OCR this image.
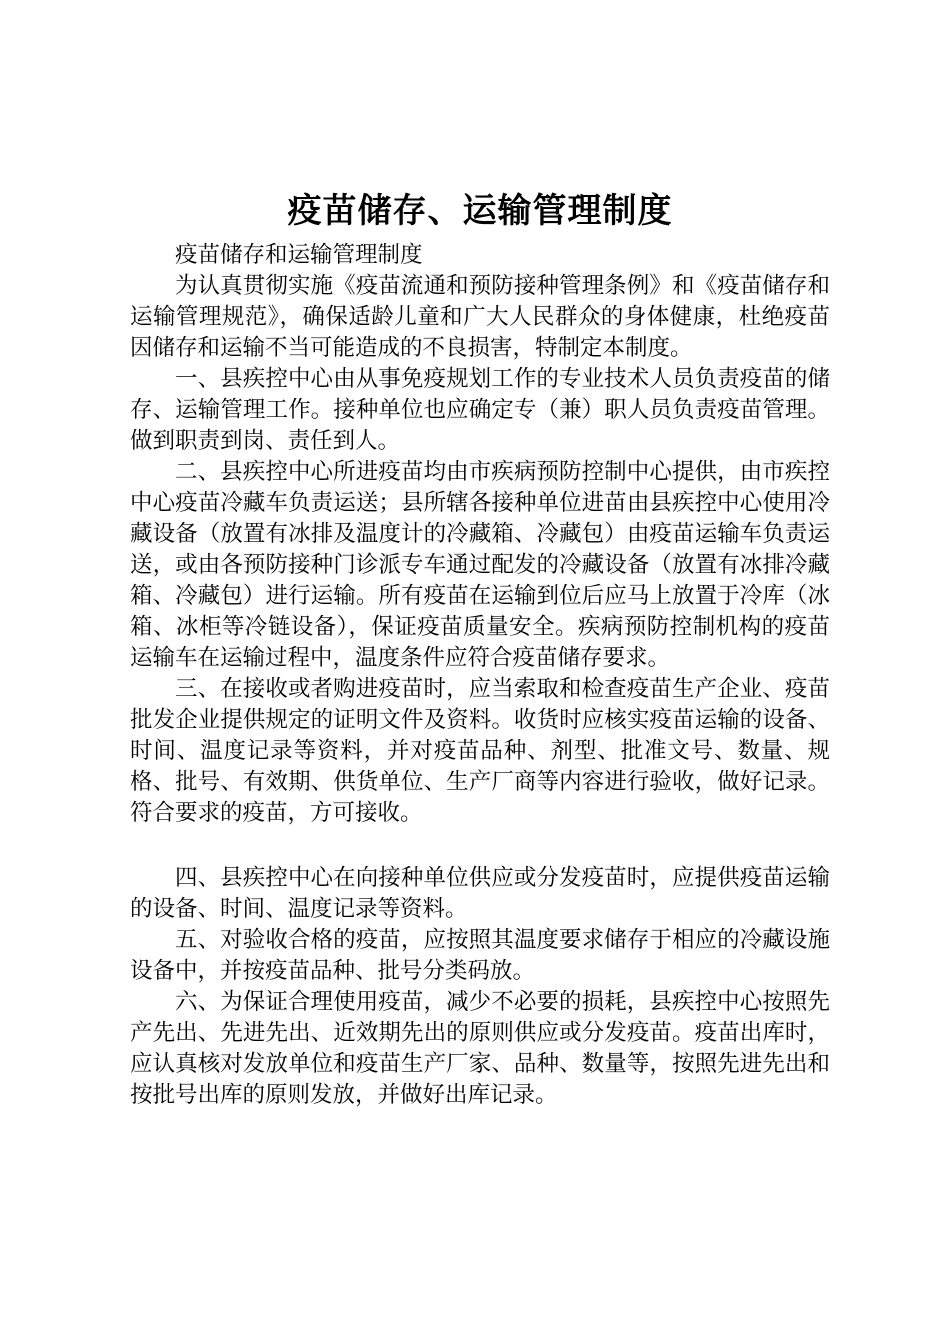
疫苗储存、运输管理制度

疫苗储存和运输管理制度

为认真贯彻实施《疫苗流通和预防接种管理条例》和《疫苗储存和运输管理规范》，确保适龄儿童和广大人民群众的身体健康，杜绝疫苗因储存和运输不当可能造成的不良损害，特制定本制度。

一、县疾控中心由从事免疫规划工作的专业技术人员负责疫苗的储存、运输管理工作。接种单位也应确定专（兼）职人员负责疫苗管理。做到职责到岗、责任到人。

二、县疾控中心所进疫苗均由市疾病预防控制中心提供，由市疾控中心疫苗冷藏车负责运送；县所辖各接种单位进苗由县疾控中心使用冷藏设备（放置有冰排及温度计的冷藏箱、冷藏包）由疫苗运输车负责运送，或由各预防接种门诊派专车通过配发的冷藏设备（放置有冰排冷藏箱、冷藏包）进行运输。所有疫苗在运输到位后应马上放置于冷库（冰箱、冰柜等冷链设备），保证疫苗质量安全。疾病预防控制机构的疫苗运输车在运输过程中，温度条件应符合疫苗储存要求。

三、在接收或者购进疫苗时，应当索取和检查疫苗生产企业、疫苗批发企业提供规定的证明文件及资料。收货时应核实疫苗运输的设备、时间、温度记录等资料，并对疫苗品种、剂型、批准文号、数量、规格、批号、有效期、供货单位、生产厂商等内容进行验收，做好记录。符合要求的疫苗，方可接收。

四、县疾控中心在向接种单位供应或分发疫苗时，应提供疫苗运输的设备、时间、温度记录等资料。

五、对验收合格的疫苗，应按照其温度要求储存于相应的冷藏设施设备中，并按疫苗品种、批号分类码放。

六、为保证合理使用疫苗，减少不必要的损耗，县疾控中心按照先产先出、先进先出、近效期先出的原则供应或分发疫苗。疫苗出库时，应认真核对发放单位和疫苗生产厂家、品种、数量等，按照先进先出和按批号出库的原则发放，并做好出库记录。
